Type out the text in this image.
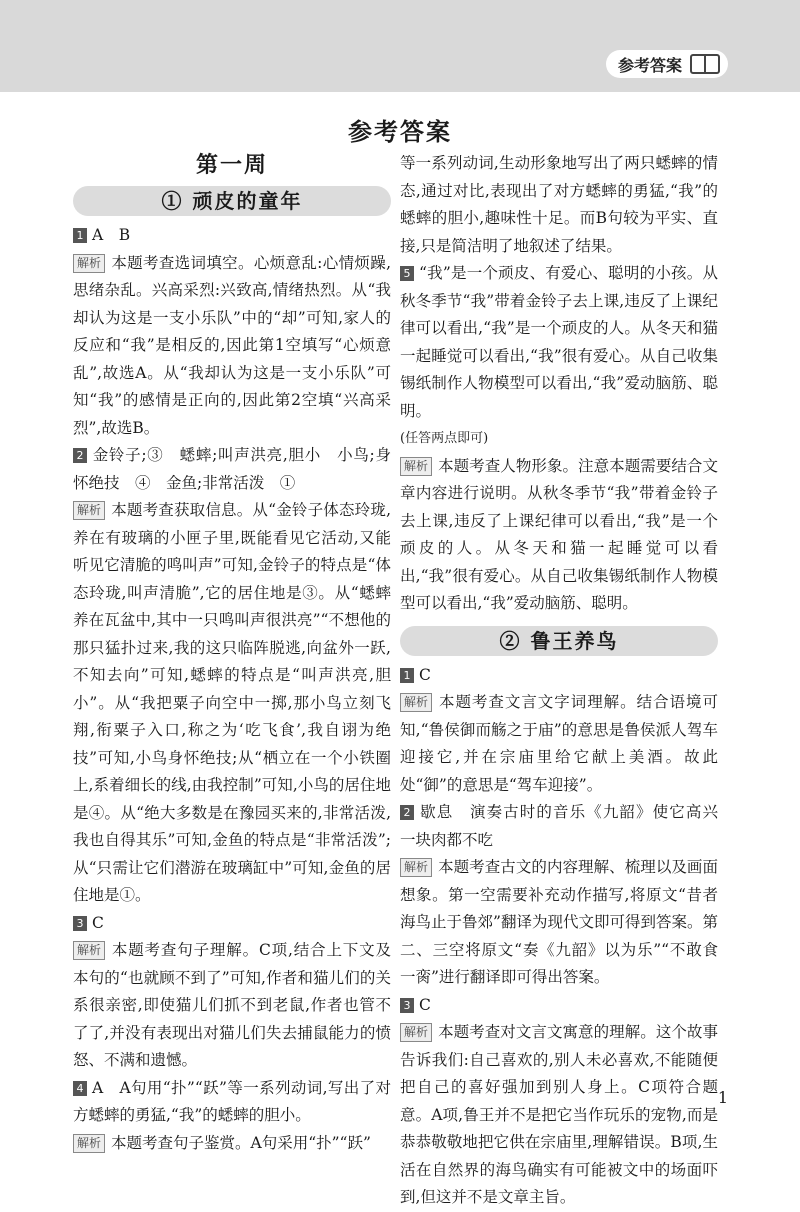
参考答案
参考答案
第一周
① 顽皮的童年

1 A　B

解析 本题考查选词填空。心烦意乱:心情烦躁,思绪杂乱。兴高采烈:兴致高,情绪热烈。从“我却认为这是一支小乐队”中的“却”可知,家人的反应和“我”是相反的,因此第1空填写“心烦意乱”,故选A。从“我却认为这是一支小乐队”可知“我”的感情是正向的,因此第2空填“兴高采烈”,故选B。

2 金铃子;③　蟋蟀;叫声洪亮,胆小　小鸟;身怀绝技　④　金鱼;非常活泼　①

解析 本题考查获取信息。从“金铃子体态玲珑,养在有玻璃的小匣子里,既能看见它活动,又能听见它清脆的鸣叫声”可知,金铃子的特点是“体态玲珑,叫声清脆”,它的居住地是③。从“蟋蟀养在瓦盆中,其中一只鸣叫声很洪亮”“不想他的那只猛扑过来,我的这只临阵脱逃,向盆外一跃,不知去向”可知,蟋蟀的特点是“叫声洪亮,胆小”。从“我把粟子向空中一掷,那小鸟立刻飞翔,衔粟子入口,称之为‘吃飞食’,我自诩为绝技”可知,小鸟身怀绝技;从“栖立在一个小铁圈上,系着细长的线,由我控制”可知,小鸟的居住地是④。从“绝大多数是在豫园买来的,非常活泼,我也自得其乐”可知,金鱼的特点是“非常活泼”;从“只需让它们潜游在玻璃缸中”可知,金鱼的居住地是①。

3 C

解析 本题考查句子理解。C项,结合上下文及本句的“也就顾不到了”可知,作者和猫儿们的关系很亲密,即使猫儿们抓不到老鼠,作者也管不了了,并没有表现出对猫儿们失去捕鼠能力的愤怒、不满和遗憾。

4 A　A句用“扑”“跃”等一系列动词,写出了对方蟋蟀的勇猛,“我”的蟋蟀的胆小。

解析 本题考查句子鉴赏。A句采用“扑”“跃”

等一系列动词,生动形象地写出了两只蟋蟀的情态,通过对比,表现出了对方蟋蟀的勇猛,“我”的蟋蟀的胆小,趣味性十足。而B句较为平实、直接,只是简洁明了地叙述了结果。

5 “我”是一个顽皮、有爱心、聪明的小孩。从秋冬季节“我”带着金铃子去上课,违反了上课纪律可以看出,“我”是一个顽皮的人。从冬天和猫一起睡觉可以看出,“我”很有爱心。从自己收集锡纸制作人物模型可以看出,“我”爱动脑筋、聪明。

(任答两点即可)

解析 本题考查人物形象。注意本题需要结合文章内容进行说明。从秋冬季节“我”带着金铃子去上课,违反了上课纪律可以看出,“我”是一个顽皮的人。从冬天和猫一起睡觉可以看出,“我”很有爱心。从自己收集锡纸制作人物模型可以看出,“我”爱动脑筋、聪明。

② 鲁王养鸟

1 C

解析 本题考查文言文字词理解。结合语境可知,“鲁侯御而觞之于庙”的意思是鲁侯派人驾车迎接它,并在宗庙里给它献上美酒。故此处“御”的意思是“驾车迎接”。

2 歇息　演奏古时的音乐《九韶》使它高兴　一块肉都不吃

解析 本题考查古文的内容理解、梳理以及画面想象。第一空需要补充动作描写,将原文“昔者海鸟止于鲁郊”翻译为现代文即可得到答案。第二、三空将原文“奏《九韶》以为乐”“不敢食一脔”进行翻译即可得出答案。

3 C

解析 本题考查对文言文寓意的理解。这个故事告诉我们:自己喜欢的,别人未必喜欢,不能随便把自己的喜好强加到别人身上。C项符合题意。A项,鲁王并不是把它当作玩乐的宠物,而是恭恭敬敬地把它供在宗庙里,理解错误。B项,生活在自然界的海鸟确实有可能被文中的场面吓到,但这并不是文章主旨。

1
